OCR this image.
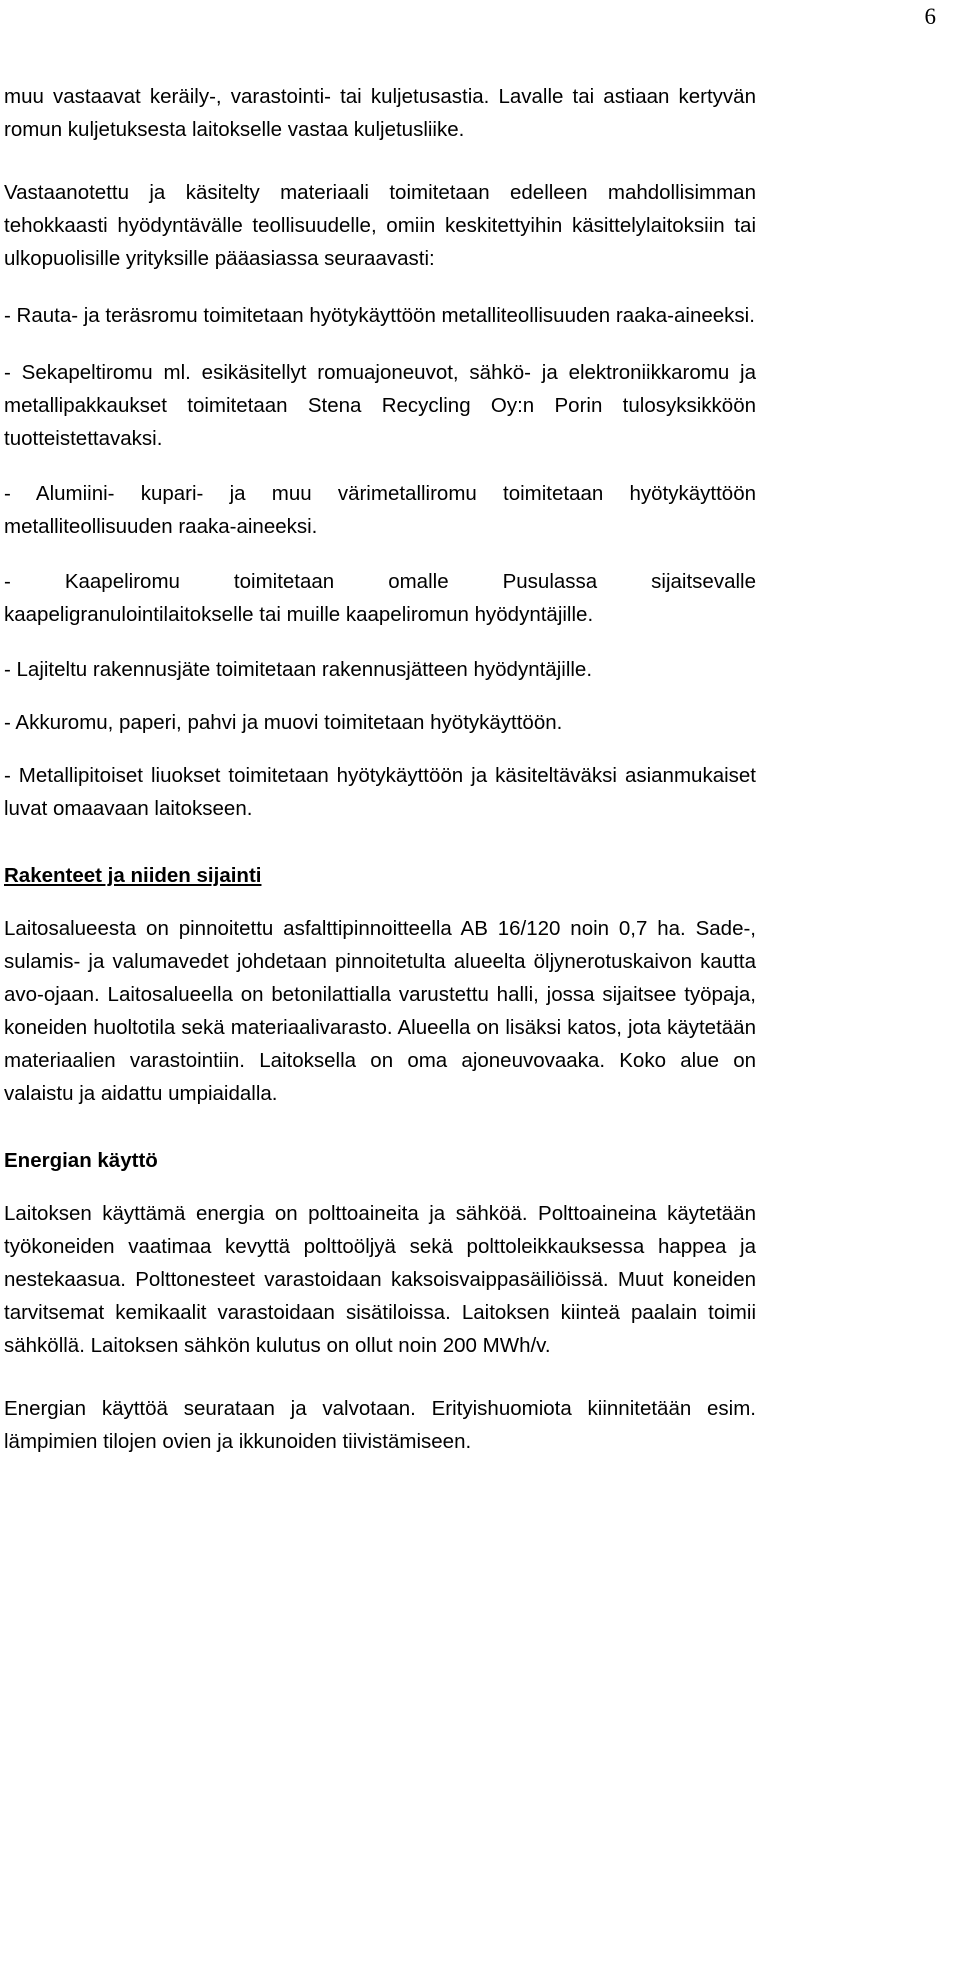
6

muu vastaavat keräily-, varastointi- tai kuljetusastia. Lavalle tai astiaan kertyvän romun kuljetuksesta laitokselle vastaa kuljetusliike.

Vastaanotettu ja käsitelty materiaali toimitetaan edelleen mahdollisimman tehokkaasti hyödyntävälle teollisuudelle, omiin keskitettyihin käsittelylaitoksiin tai ulkopuolisille yrityksille pääasiassa seuraavasti:

- Rauta- ja teräsromu toimitetaan hyötykäyttöön metalliteollisuuden raaka-aineeksi.

- Sekapeltiromu ml. esikäsitellyt romuajoneuvot, sähkö- ja elektroniikkaromu ja metallipakkaukset toimitetaan Stena Recycling Oy:n Porin tulosyksikköön tuotteistettavaksi.

- Alumiini- kupari- ja muu värimetalliromu toimitetaan hyötykäyttöön metalliteollisuuden raaka-aineeksi.

- Kaapeliromu toimitetaan omalle Pusulassa sijaitsevalle kaapeligranulointilaitokselle tai muille kaapeliromun hyödyntäjille.

- Lajiteltu rakennusjäte toimitetaan rakennusjätteen hyödyntäjille.

- Akkuromu, paperi, pahvi ja muovi toimitetaan hyötykäyttöön.

- Metallipitoiset liuokset toimitetaan hyötykäyttöön ja käsiteltäväksi asianmukaiset luvat omaavaan laitokseen.

Rakenteet ja niiden sijainti

Laitosalueesta on pinnoitettu asfalttipinnoitteella AB 16/120 noin 0,7 ha. Sade-, sulamis- ja valumavedet johdetaan pinnoitetulta alueelta öljynerotuskaivon kautta avo-ojaan. Laitosalueella on betonilattialla varustettu halli, jossa sijaitsee työpaja, koneiden huoltotila sekä materiaalivarasto. Alueella on lisäksi katos, jota käytetään materiaalien varastointiin. Laitoksella on oma ajoneuvovaaka. Koko alue on valaistu ja aidattu umpiaidalla.

Energian käyttö

Laitoksen käyttämä energia on polttoaineita ja sähköä. Polttoaineina käytetään työkoneiden vaatimaa kevyttä polttoöljyä sekä polttoleikkauksessa happea ja nestekaasua. Polttonesteet varastoidaan kaksoisvaippasäiliöissä. Muut koneiden tarvitsemat kemikaalit varastoidaan sisätiloissa. Laitoksen kiinteä paalain toimii sähköllä. Laitoksen sähkön kulutus on ollut noin 200 MWh/v.

Energian käyttöä seurataan ja valvotaan. Erityishuomiota kiinnitetään esim. lämpimien tilojen ovien ja ikkunoiden tiivistämiseen.
